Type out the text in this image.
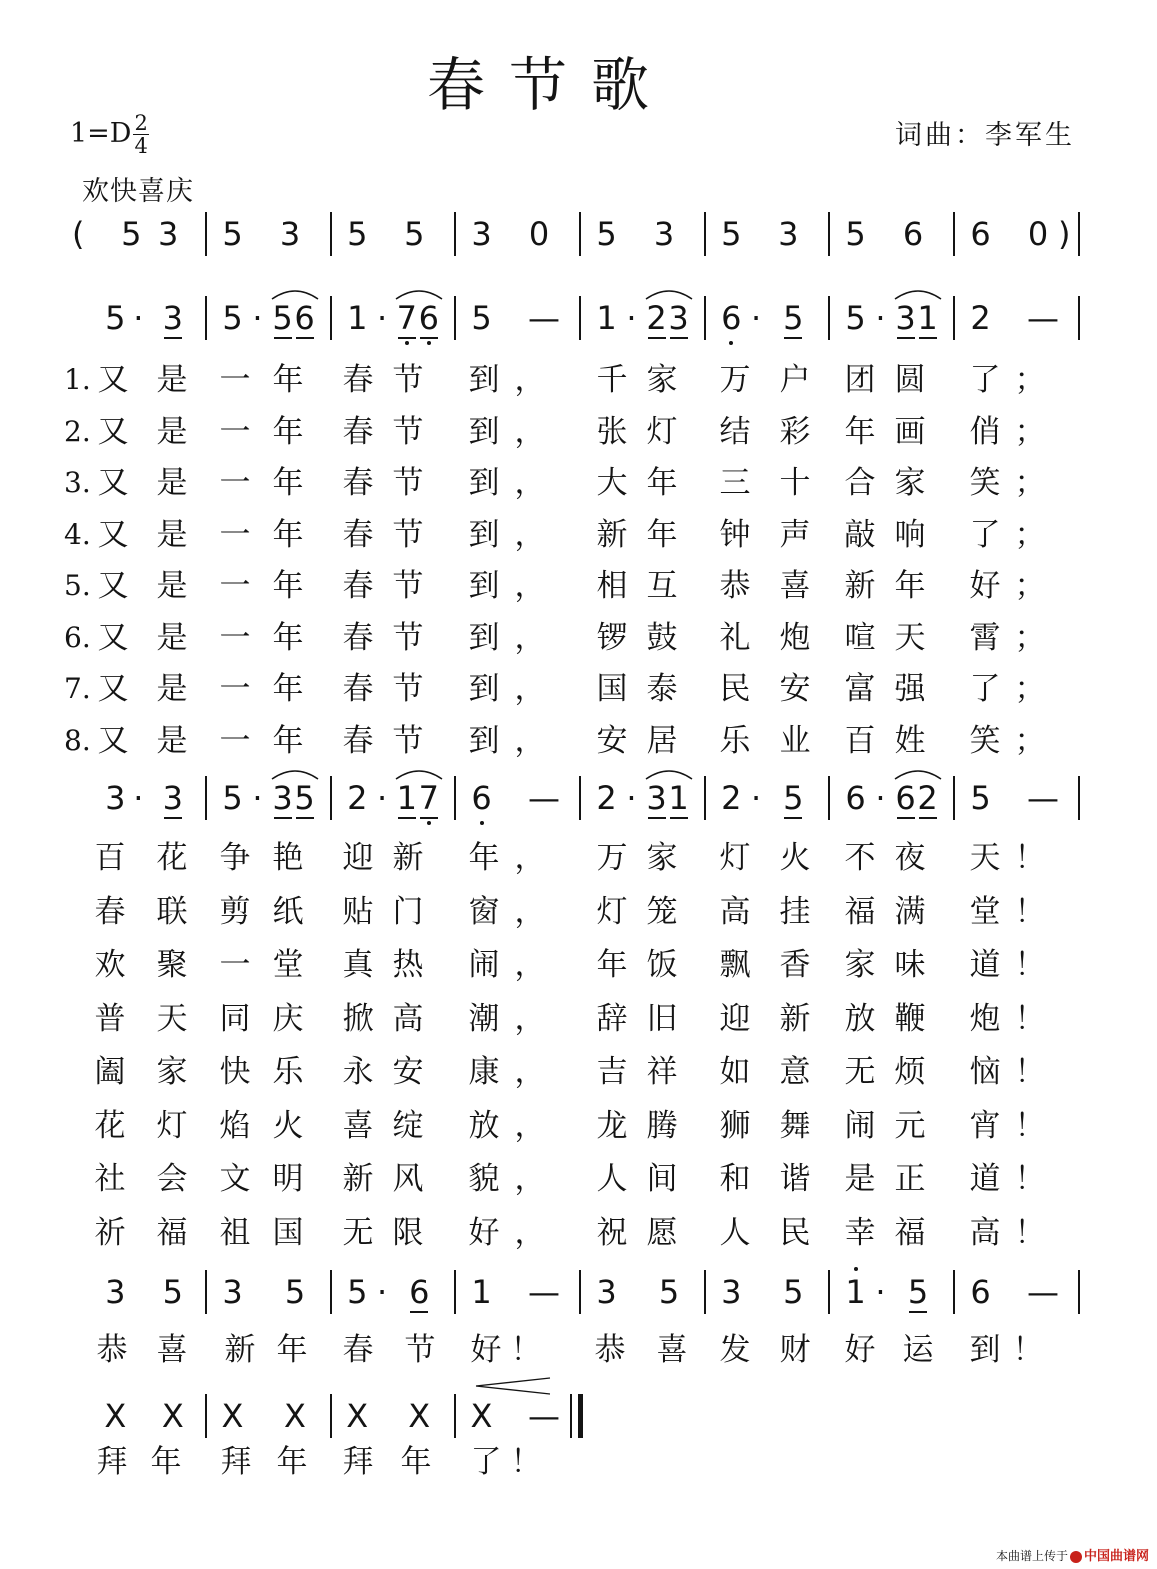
春节歌
$1=D \frac{2}{4}$	词曲：李军生
欢快喜庆
( 5 3 5 3 5 5 3 0 5 3 5 3 5 6 6 0 )
5 · 3 5 · 5 6 1 · 7 6 5 — 1 · 2 3 6 · 5 5 · 3 1 2 —
1. 又 是 一 年 春 节 到 ， 千 家 万 户 团 圆 了 ；
2. 又 是 一 年 春 节 到 ， 张 灯 结 彩 年 画 俏 ；
3. 又 是 一 年 春 节 到 ， 大 年 三 十 合 家 笑 ；
4. 又 是 一 年 春 节 到 ， 新 年 钟 声 敲 响 了 ；
5. 又 是 一 年 春 节 到 ， 相 互 恭 喜 新 年 好 ；
6. 又 是 一 年 春 节 到 ， 锣 鼓 礼 炮 喧 天 霄 ；
7. 又 是 一 年 春 节 到 ， 国 泰 民 安 富 强 了 ；
8. 又 是 一 年 春 节 到 ， 安 居 乐 业 百 姓 笑 ；
3 · 3 5 · 3 5 2 · 1 7 6 — 2 · 3 1 2 · 5 6 · 6 2 5 —
百 花 争 艳 迎 新 年 ， 万 家 灯 火 不 夜 天 ！
春 联 剪 纸 贴 门 窗 ， 灯 笼 高 挂 福 满 堂 ！
欢 聚 一 堂 真 热 闹 ， 年 饭 飘 香 家 味 道 ！
普 天 同 庆 掀 高 潮 ， 辞 旧 迎 新 放 鞭 炮 ！
阖 家 快 乐 永 安 康 ， 吉 祥 如 意 无 烦 恼 ！
花 灯 焰 火 喜 绽 放 ， 龙 腾 狮 舞 闹 元 宵 ！
社 会 文 明 新 风 貌 ， 人 间 和 谐 是 正 道 ！
祈 福 祖 国 无 限 好 ， 祝 愿 人 民 幸 福 高 ！
3 5 3 5 5 · 6 1 — 3 5 3 5 1 · 5 6 —
恭 喜 新 年 春 节 好 ！ 恭 喜 发 财 好 运 到 ！
X X X X X X X —
拜 年 拜 年 拜 年 了 ！
本曲谱上传于 中国曲谱网
